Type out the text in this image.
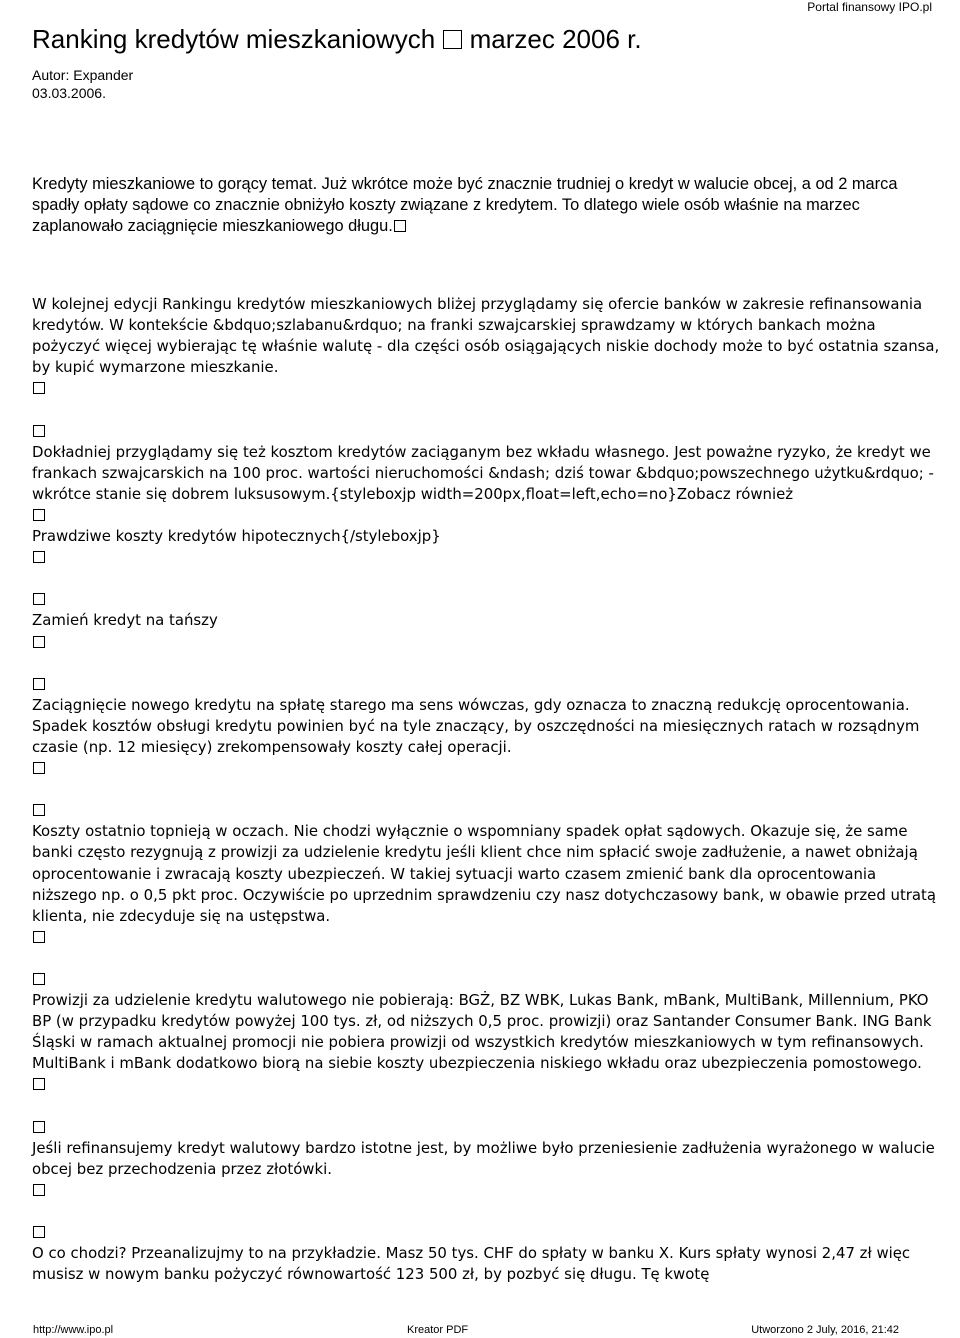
Portal finansowy IPO.pl
Ranking kredytów mieszkaniowych marzec 2006 r.
Autor: Expander
03.03.2006.
Kredyty mieszkaniowe to gorący temat. Już wkrótce może być znacznie trudniej o kredyt w walucie obcej, a od 2 marca spadły opłaty sądowe co znacznie obniżyło koszty związane z kredytem. To dlatego wiele osób właśnie na marzec zaplanowało zaciągnięcie mieszkaniowego długu.

W kolejnej edycji Rankingu kredytów mieszkaniowych bliżej przyglądamy się ofercie banków w zakresie refinansowania kredytów. W kontekście &bdquo;szlabanu&rdquo; na franki szwajcarskiej sprawdzamy w których bankach można pożyczyć więcej wybierając tę właśnie walutę - dla części osób osiągających niskie dochody może to być ostatnia szansa, by kupić wymarzone mieszkanie.

Dokładniej przyglądamy się też kosztom kredytów zaciąganym bez wkładu własnego. Jest poważne ryzyko, że kredyt we frankach szwajcarskich na 100 proc. wartości nieruchomości &ndash; dziś towar &bdquo;powszechnego użytku&rdquo; - wkrótce stanie się dobrem luksusowym.{styleboxjp width=200px,float=left,echo=no}Zobacz również

Prawdziwe koszty kredytów hipotecznych{/styleboxjp}

Zamień kredyt na tańszy

Zaciągnięcie nowego kredytu na spłatę starego ma sens wówczas, gdy oznacza to znaczną redukcję oprocentowania. Spadek kosztów obsługi kredytu powinien być na tyle znaczący, by oszczędności na miesięcznych ratach w rozsądnym czasie (np. 12 miesięcy) zrekompensowały koszty całej operacji.

Koszty ostatnio topnieją w oczach. Nie chodzi wyłącznie o wspomniany spadek opłat sądowych. Okazuje się, że same banki często rezygnują z prowizji za udzielenie kredytu jeśli klient chce nim spłacić swoje zadłużenie, a nawet obniżają oprocentowanie i zwracają koszty ubezpieczeń. W takiej sytuacji warto czasem zmienić bank dla oprocentowania niższego np. o 0,5 pkt proc. Oczywiście po uprzednim sprawdzeniu czy nasz dotychczasowy bank, w obawie przed utratą klienta, nie zdecyduje się na ustępstwa.

Prowizji za udzielenie kredytu walutowego nie pobierają: BGŻ, BZ WBK, Lukas Bank, mBank, MultiBank, Millennium, PKO BP (w przypadku kredytów powyżej 100 tys. zł, od niższych 0,5 proc. prowizji) oraz Santander Consumer Bank. ING Bank Śląski w ramach aktualnej promocji nie pobiera prowizji od wszystkich kredytów mieszkaniowych w tym refinansowych. MultiBank i mBank dodatkowo biorą na siebie koszty ubezpieczenia niskiego wkładu oraz ubezpieczenia pomostowego.

Jeśli refinansujemy kredyt walutowy bardzo istotne jest, by możliwe było przeniesienie zadłużenia wyrażonego w walucie obcej bez przechodzenia przez złotówki.

O co chodzi? Przeanalizujmy to na przykładzie. Masz 50 tys. CHF do spłaty w banku X. Kurs spłaty wynosi 2,47 zł więc musisz w nowym banku pożyczyć równowartość 123 500 zł, by pozbyć się długu. Tę kwotę

http://www.ipo.pl	Kreator PDF	Utworzono 2 July, 2016, 21:42
